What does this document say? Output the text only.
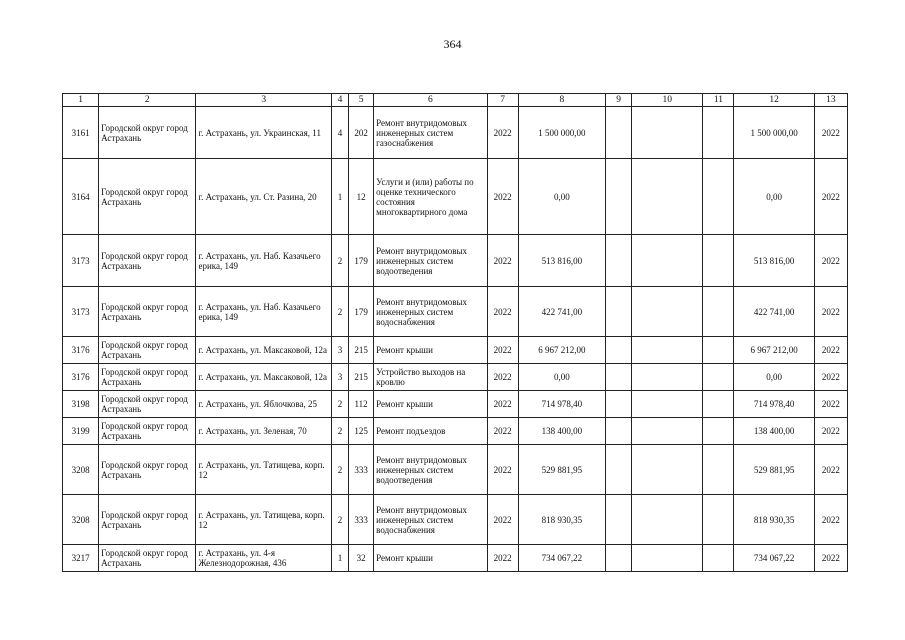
364
1	2	3	4	5	6	7	8	9	10	11	12	13
3161	Городской округ город Астрахань	г. Астрахань, ул. Украинская, 11	4	202	Ремонт внутридомовых инженерных систем газоснабжения	2022	1 500 000,00				1 500 000,00	2022
3164	Городской округ город Астрахань	г. Астрахань, ул. Ст. Разина, 20	1	12	Услуги и (или) работы по оценке технического состояния многоквартирного дома	2022	0,00				0,00	2022
3173	Городской округ город Астрахань	г. Астрахань, ул. Наб. Казачьего ерика, 149	2	179	Ремонт внутридомовых инженерных систем водоотведения	2022	513 816,00				513 816,00	2022
3173	Городской округ город Астрахань	г. Астрахань, ул. Наб. Казачьего ерика, 149	2	179	Ремонт внутридомовых инженерных систем водоснабжения	2022	422 741,00				422 741,00	2022
3176	Городской округ город Астрахань	г. Астрахань, ул. Максаковой, 12а	3	215	Ремонт крыши	2022	6 967 212,00				6 967 212,00	2022
3176	Городской округ город Астрахань	г. Астрахань, ул. Максаковой, 12а	3	215	Устройство выходов на кровлю	2022	0,00				0,00	2022
3198	Городской округ город Астрахань	г. Астрахань, ул. Яблочкова, 25	2	112	Ремонт крыши	2022	714 978,40				714 978,40	2022
3199	Городской округ город Астрахань	г. Астрахань, ул. Зеленая, 70	2	125	Ремонт подъездов	2022	138 400,00				138 400,00	2022
3208	Городской округ город Астрахань	г. Астрахань, ул. Татищева, корп. 12	2	333	Ремонт внутридомовых инженерных систем водоотведения	2022	529 881,95				529 881,95	2022
3208	Городской округ город Астрахань	г. Астрахань, ул. Татищева, корп. 12	2	333	Ремонт внутридомовых инженерных систем водоснабжения	2022	818 930,35				818 930,35	2022
3217	Городской округ город Астрахань	г. Астрахань, ул. 4-я Железнодорожная, 436	1	32	Ремонт крыши	2022	734 067,22				734 067,22	2022
